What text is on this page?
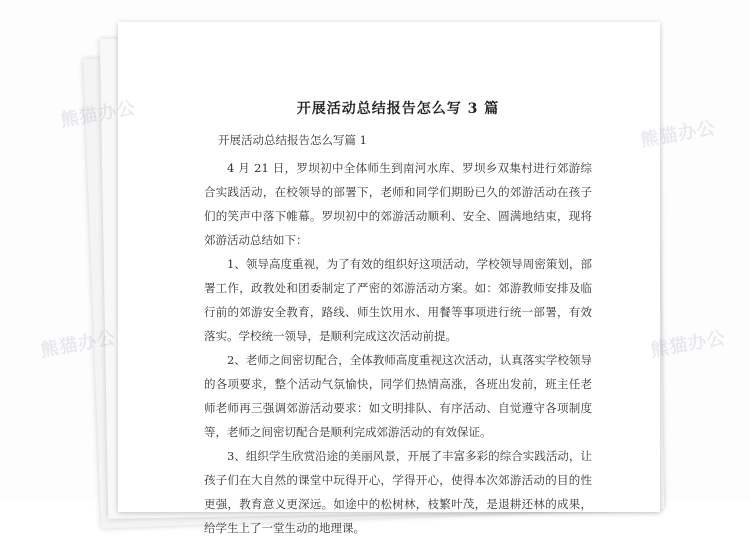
开展活动总结报告怎么写 3 篇

开展活动总结报告怎么写篇 1

4 月 21 日，罗坝初中全体师生到南河水库、罗坝乡双集村进行郊游综合实践活动，在校领导的部署下，老师和同学们期盼已久的郊游活动在孩子们的笑声中落下帷幕。罗坝初中的郊游活动顺利、安全、圆满地结束，现将郊游活动总结如下：

1、领导高度重视，为了有效的组织好这项活动，学校领导周密策划，部署工作，政教处和团委制定了严密的郊游活动方案。如：郊游教师安排及临行前的郊游安全教育，路线、师生饮用水、用餐等事项进行统一部署，有效落实。学校统一领导，是顺利完成这次活动前提。

2、老师之间密切配合，全体教师高度重视这次活动，认真落实学校领导的各项要求，整个活动气氛愉快，同学们热情高涨，各班出发前，班主任老师老师再三强调郊游活动要求：如文明排队、有序活动、自觉遵守各项制度等，老师之间密切配合是顺利完成郊游活动的有效保证。

3、组织学生欣赏沿途的美丽风景，开展了丰富多彩的综合实践活动，让孩子们在大自然的课堂中玩得开心，学得开心，使得本次郊游活动的目的性更强，教育意义更深远。如途中的松树林，枝繁叶茂，是退耕还林的成果，给学生上了一堂生动的地理课。

熊猫办公
熊猫办公
熊猫办公	熊猫办公
